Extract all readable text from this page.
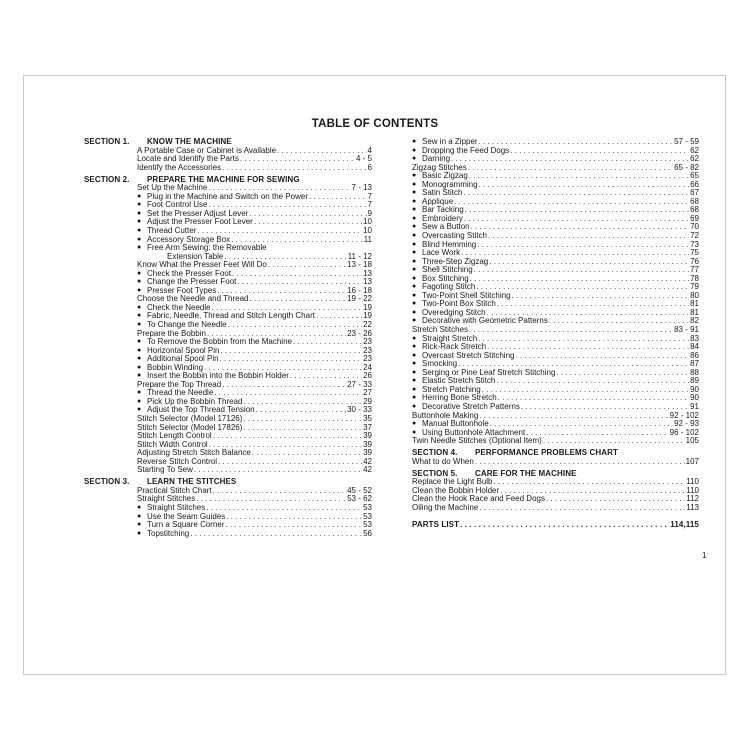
TABLE OF CONTENTS
SECTION 1. KNOW THE MACHINE
A Portable Case or Cabinet is Available . . .	4
Locate and Identify the Parts . . .	4 - 5
Identify the Accessories . . .	6
SECTION 2. PREPARE THE MACHINE FOR SEWING
Set Up the Machine . . .	7 - 13
● Plug in the Machine and Switch on the Power . . .	7
● Foot Control Use . . .	7
● Set the Presser Adjust Lever . . .	9
● Adjust the Presser Foot Lever . . .	10
● Thread Cutter . . .	10
● Accessory Storage Box . . .	11
● Free Arm Sewing: the Removable
Extension Table . . .	11 - 12
Know What the Presser Feet Will Do . . .	13 - 18
● Check the Presser Foot . . .	13
● Change the Presser Foot . . .	13
● Presser Foot Types . . .	16 - 18
Choose the Needle and Thread . . .	19 - 22
● Check the Needle . . .	19
● Fabric, Needle, Thread and Stitch Length Chart . . .	19
● To Change the Needle . . .	22
Prepare the Bobbin . . .	23 - 26
● To Remove the Bobbin from the Machine . . .	23
● Horizontal Spool Pin . . .	23
● Additional Spool Pin . . .	23
● Bobbin Winding . . .	24
● Insert the Bobbin into the Bobbin Holder . . .	26
Prepare the Top Thread . . .	27 - 33
● Thread the Needle . . .	27
● Pick Up the Bobbin Thread . . .	29
● Adjust the Top Thread Tension . . .	30 - 33
Stitch Selector (Model 17126) . . .	35
Stitch Selector (Model 17826) . . .	37
Stitch Length Control . . .	39
Stitch Width Control . . .	39
Adjusting Stretch Stitch Balance . . .	39
Reverse Stitch Control . . .	42
Starting To Sew . . .	42
SECTION 3. LEARN THE STITCHES
Practical Stitch Chart . . .	45 - 52
Straight Stitches . . .	53 - 62
● Straight Stitches . . .	53
● Use the Seam Guides . . .	53
● Turn a Square Corner . . .	53
● Topstitching . . .	56
● Sew in a Zipper . . .	57 - 59
● Dropping the Feed Dogs . . .	62
● Darning . . .	62
Zigzag Stitches . . .	65 - 82
● Basic Zigzag . . .	65
● Monogramming . . .	66
● Satin Stitch . . .	67
● Applique . . .	68
● Bar Tacking . . .	68
● Embroidery . . .	69
● Sew a Button . . .	70
● Overcasting Stitch . . .	72
● Blind Hemming . . .	73
● Lace Work . . .	75
● Three-Step Zigzag . . .	76
● Shell Stitching . . .	77
● Box Stitching . . .	78
● Fagoting Stitch . . .	79
● Two-Point Shell Stitching . . .	80
● Two-Point Box Stitch . . .	81
● Overedging Stitch . . .	81
● Decorative with Geometric Patterns . . .	82
Stretch Stitches . . .	83 - 91
● Straight Stretch . . .	83
● Rick-Rack Stretch . . .	84
● Overcast Stretch Stitching . . .	86
● Smocking . . .	87
● Serging or Pine Leaf Stretch Stitching . . .	88
● Elastic Stretch Stitch . . .	89
● Stretch Patching . . .	90
● Herring Bone Stretch . . .	90
● Decorative Stretch Patterns . . .	91
Buttonhole Making . . .	92 - 102
● Manual Buttonhole . . .	92 - 93
● Using Buttonhole Attachment . . .	96 - 102
Twin Needle Stitches (Optional Item) . . .	105
SECTION 4. PERFORMANCE PROBLEMS CHART
What to do When . . .	107
SECTION 5. CARE FOR THE MACHINE
Replace the Light Bulb . . .	110
Clean the Bobbin Holder . . .	110
Clean the Hook Race and Feed Dogs . . .	112
Oiling the Machine . . .	113
PARTS LIST . . .	114,115
1
